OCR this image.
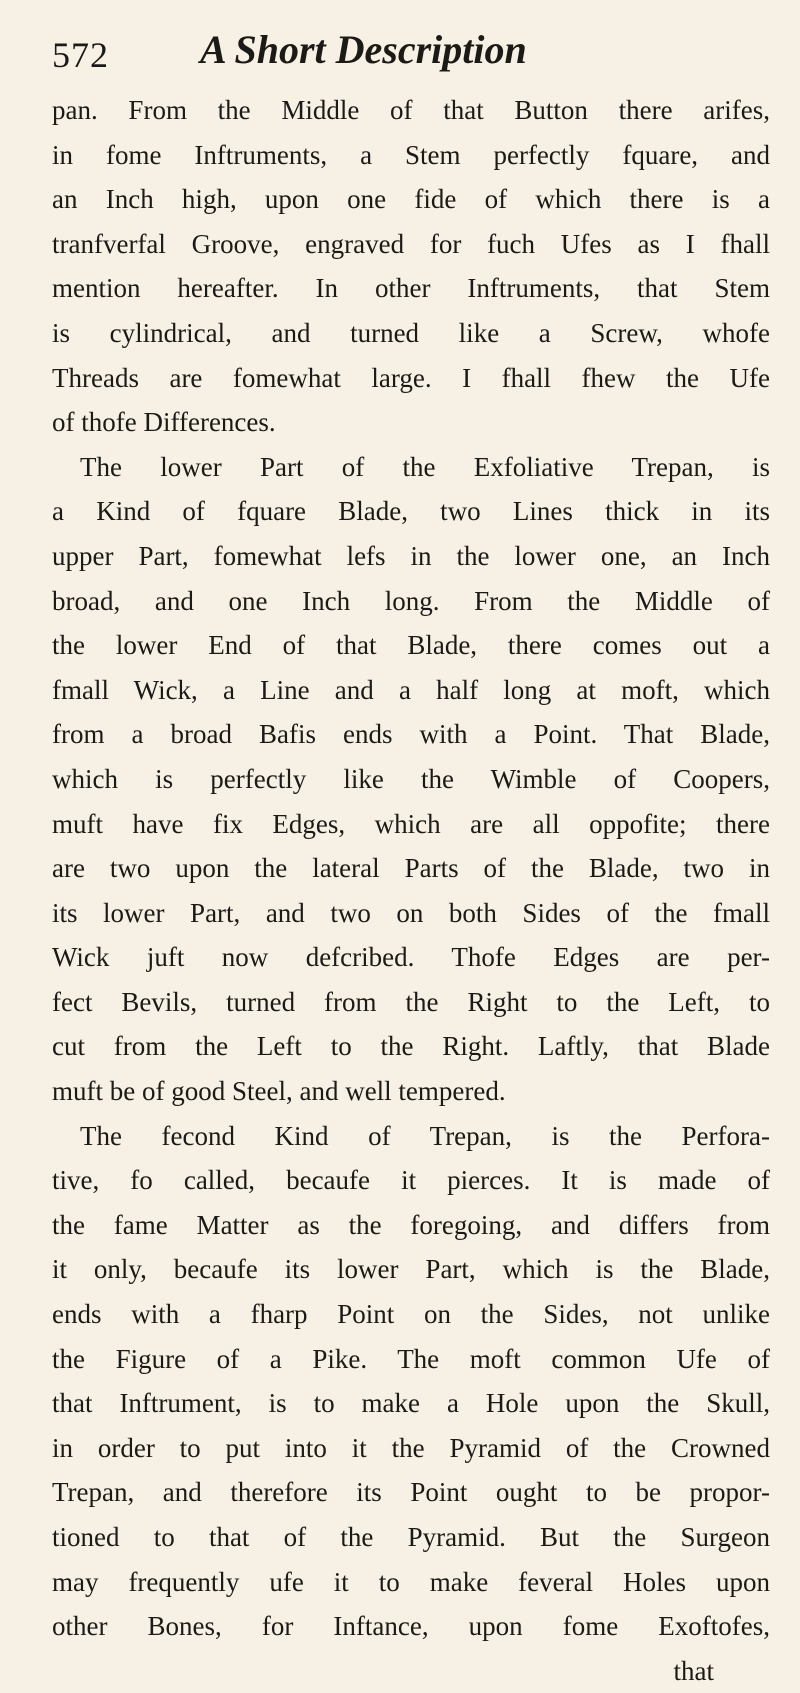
572 A Short Description
pan. From the Middle of that Button there arifes,
in fome Inftruments, a Stem perfectly fquare, and
an Inch high, upon one fide of which there is a
tranfverfal Groove, engraved for fuch Ufes as I fhall
mention hereafter. In other Inftruments, that Stem
is cylindrical, and turned like a Screw, whofe
Threads are fomewhat large. I fhall fhew the Ufe
of thofe Differences.
The lower Part of the Exfoliative Trepan, is
a Kind of fquare Blade, two Lines thick in its
upper Part, fomewhat lefs in the lower one, an Inch
broad, and one Inch long. From the Middle of
the lower End of that Blade, there comes out a
fmall Wick, a Line and a half long at moft, which
from a broad Bafis ends with a Point. That Blade,
which is perfectly like the Wimble of Coopers,
muft have fix Edges, which are all oppofite; there
are two upon the lateral Parts of the Blade, two in
its lower Part, and two on both Sides of the fmall
Wick juft now defcribed. Thofe Edges are per-
fect Bevils, turned from the Right to the Left, to
cut from the Left to the Right. Laftly, that Blade
muft be of good Steel, and well tempered.
The fecond Kind of Trepan, is the Perfora-
tive, fo called, becaufe it pierces. It is made of
the fame Matter as the foregoing, and differs from
it only, becaufe its lower Part, which is the Blade,
ends with a fharp Point on the Sides, not unlike
the Figure of a Pike. The moft common Ufe of
that Inftrument, is to make a Hole upon the Skull,
in order to put into it the Pyramid of the Crowned
Trepan, and therefore its Point ought to be propor-
tioned to that of the Pyramid. But the Surgeon
may frequently ufe it to make feveral Holes upon
other Bones, for Inftance, upon fome Exoftofes,
that
